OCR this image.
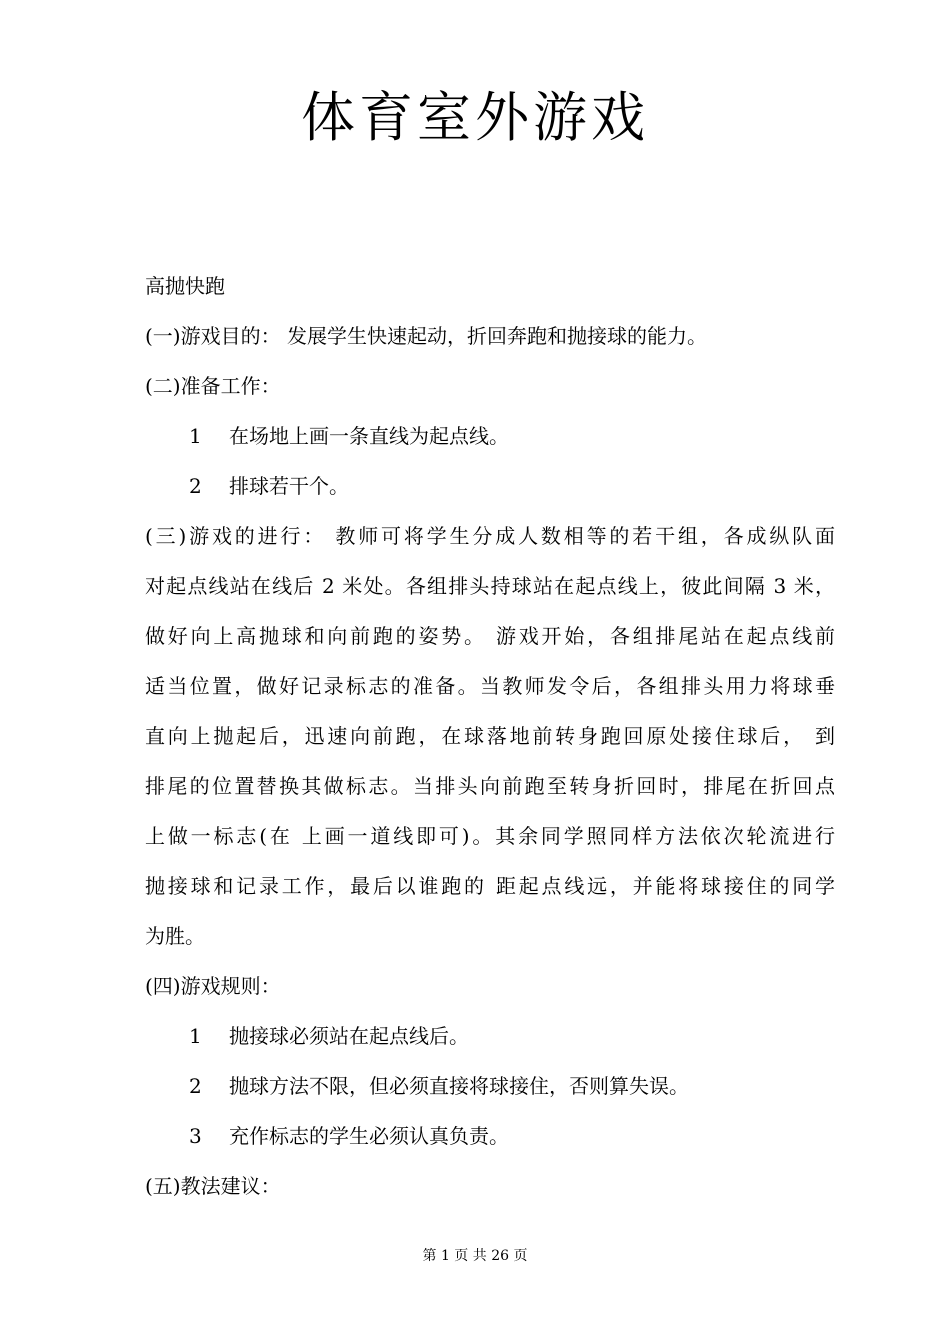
体育室外游戏
高抛快跑
(一)游戏目的： 发展学生快速起动，折回奔跑和抛接球的能力。
(二)准备工作：
1 在场地上画一条直线为起点线。
2 排球若干个。
(三)游戏的进行： 教师可将学生分成人数相等的若干组，各成纵队面
对起点线站在线后 2 米处。各组排头持球站在起点线上，彼此间隔 3 米，
做好向上高抛球和向前跑的姿势。 游戏开始，各组排尾站在起点线前
适当位置，做好记录标志的准备。当教师发令后，各组排头用力将球垂
直向上抛起后，迅速向前跑，在球落地前转身跑回原处接住球后， 到
排尾的位置替换其做标志。当排头向前跑至转身折回时，排尾在折回点
上做一标志(在 上画一道线即可)。其余同学照同样方法依次轮流进行
抛接球和记录工作，最后以谁跑的 距起点线远，并能将球接住的同学
为胜。
(四)游戏规则：
1 抛接球必须站在起点线后。
2 抛球方法不限，但必须直接将球接住，否则算失误。
3 充作标志的学生必须认真负责。
(五)教法建议：
第 1 页 共 26 页
